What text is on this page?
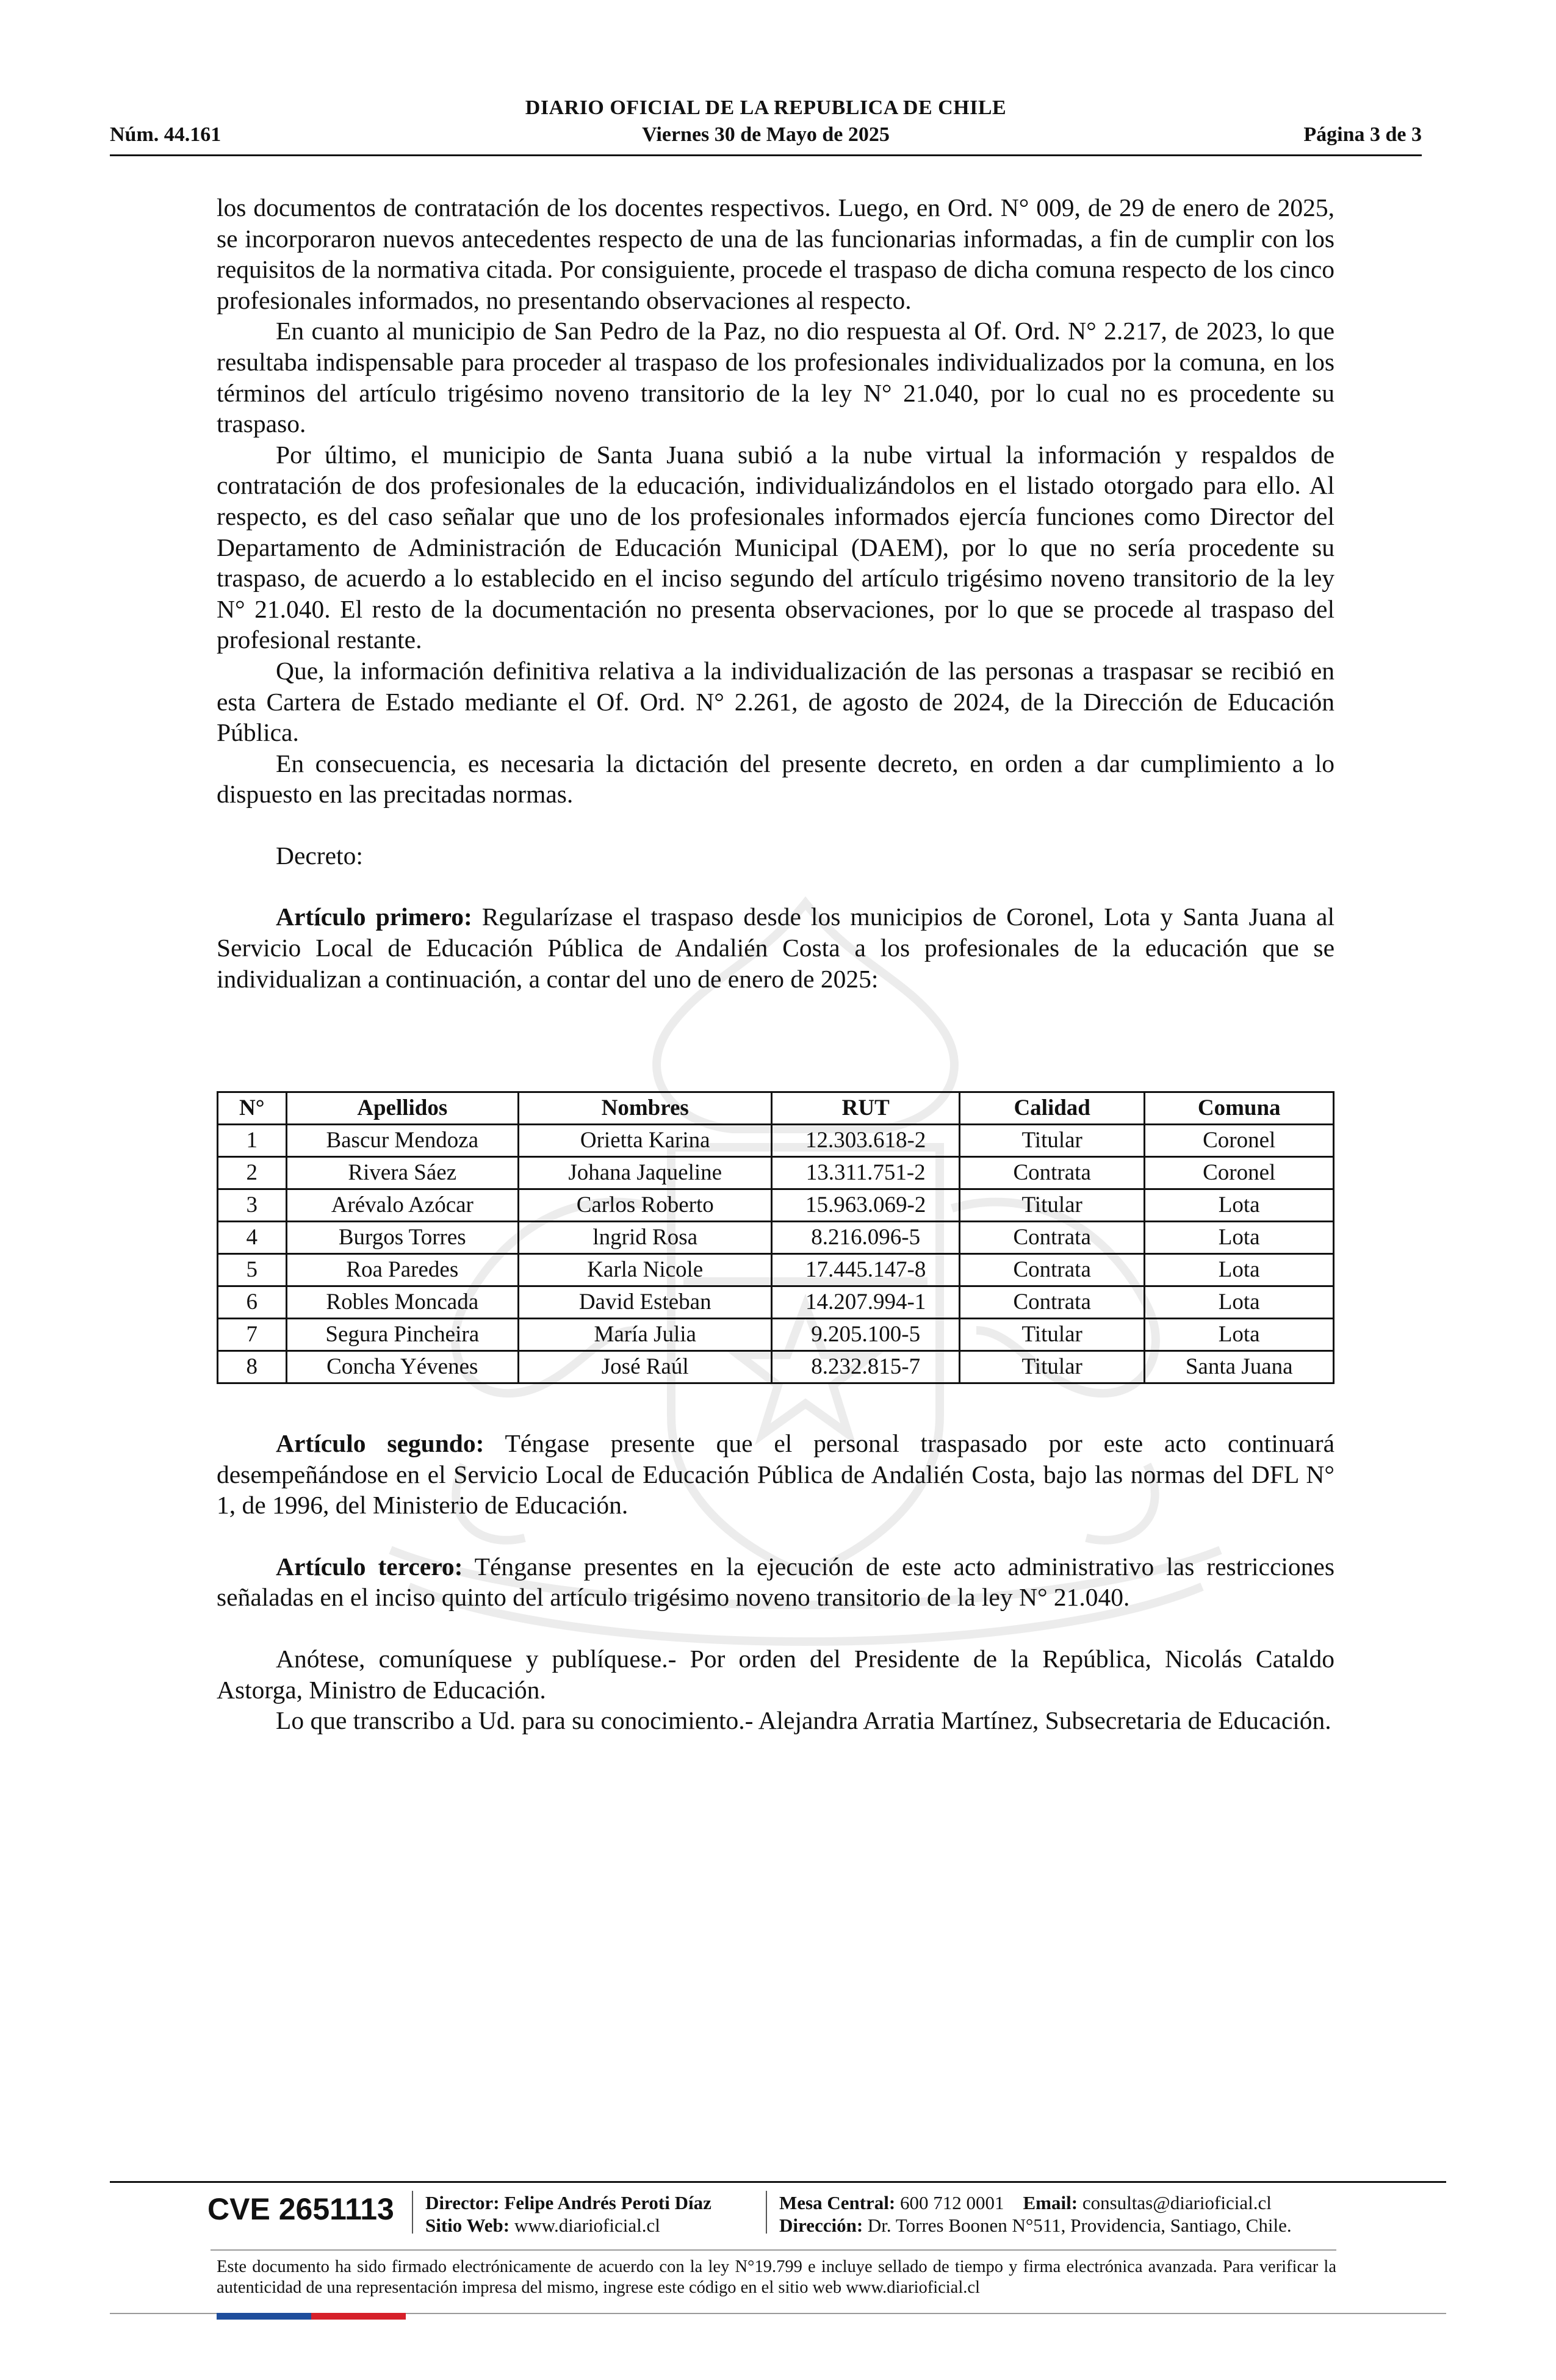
DIARIO OFICIAL DE LA REPUBLICA DE CHILE
Núm. 44.161	Viernes 30 de Mayo de 2025	Página 3 de 3

los documentos de contratación de los docentes respectivos. Luego, en Ord. N° 009, de 29 de enero de 2025, se incorporaron nuevos antecedentes respecto de una de las funcionarias informadas, a fin de cumplir con los requisitos de la normativa citada. Por consiguiente, procede el traspaso de dicha comuna respecto de los cinco profesionales informados, no presentando observaciones al respecto.

En cuanto al municipio de San Pedro de la Paz, no dio respuesta al Of. Ord. N° 2.217, de 2023, lo que resultaba indispensable para proceder al traspaso de los profesionales individualizados por la comuna, en los términos del artículo trigésimo noveno transitorio de la ley N° 21.040, por lo cual no es procedente su traspaso.

Por último, el municipio de Santa Juana subió a la nube virtual la información y respaldos de contratación de dos profesionales de la educación, individualizándolos en el listado otorgado para ello. Al respecto, es del caso señalar que uno de los profesionales informados ejercía funciones como Director del Departamento de Administración de Educación Municipal (DAEM), por lo que no sería procedente su traspaso, de acuerdo a lo establecido en el inciso segundo del artículo trigésimo noveno transitorio de la ley N° 21.040. El resto de la documentación no presenta observaciones, por lo que se procede al traspaso del profesional restante.

Que, la información definitiva relativa a la individualización de las personas a traspasar se recibió en esta Cartera de Estado mediante el Of. Ord. N° 2.261, de agosto de 2024, de la Dirección de Educación Pública.

En consecuencia, es necesaria la dictación del presente decreto, en orden a dar cumplimiento a lo dispuesto en las precitadas normas.

Decreto:

Artículo primero: Regularízase el traspaso desde los municipios de Coronel, Lota y Santa Juana al Servicio Local de Educación Pública de Andalién Costa a los profesionales de la educación que se individualizan a continuación, a contar del uno de enero de 2025:

N°	Apellidos	Nombres	RUT	Calidad	Comuna
1	Bascur Mendoza	Orietta Karina	12.303.618-2	Titular	Coronel
2	Rivera Sáez	Johana Jaqueline	13.311.751-2	Contrata	Coronel
3	Arévalo Azócar	Carlos Roberto	15.963.069-2	Titular	Lota
4	Burgos Torres	lngrid Rosa	8.216.096-5	Contrata	Lota
5	Roa Paredes	Karla Nicole	17.445.147-8	Contrata	Lota
6	Robles Moncada	David Esteban	14.207.994-1	Contrata	Lota
7	Segura Pincheira	María Julia	9.205.100-5	Titular	Lota
8	Concha Yévenes	José Raúl	8.232.815-7	Titular	Santa Juana

Artículo segundo: Téngase presente que el personal traspasado por este acto continuará desempeñándose en el Servicio Local de Educación Pública de Andalién Costa, bajo las normas del DFL N° 1, de 1996, del Ministerio de Educación.

Artículo tercero: Ténganse presentes en la ejecución de este acto administrativo las restricciones señaladas en el inciso quinto del artículo trigésimo noveno transitorio de la ley N° 21.040.

Anótese, comuníquese y publíquese.- Por orden del Presidente de la República, Nicolás Cataldo Astorga, Ministro de Educación.

Lo que transcribo a Ud. para su conocimiento.- Alejandra Arratia Martínez, Subsecretaria de Educación.

CVE 2651113 Director: Felipe Andrés Peroti Díaz
Sitio Web: www.diarioficial.cl
Mesa Central: 600 712 0001 Email: consultas@diarioficial.cl
Dirección: Dr. Torres Boonen N°511, Providencia, Santiago, Chile.
Este documento ha sido firmado electrónicamente de acuerdo con la ley N°19.799 e incluye sellado de tiempo y firma electrónica avanzada. Para verificar la autenticidad de una representación impresa del mismo, ingrese este código en el sitio web www.diarioficial.cl
